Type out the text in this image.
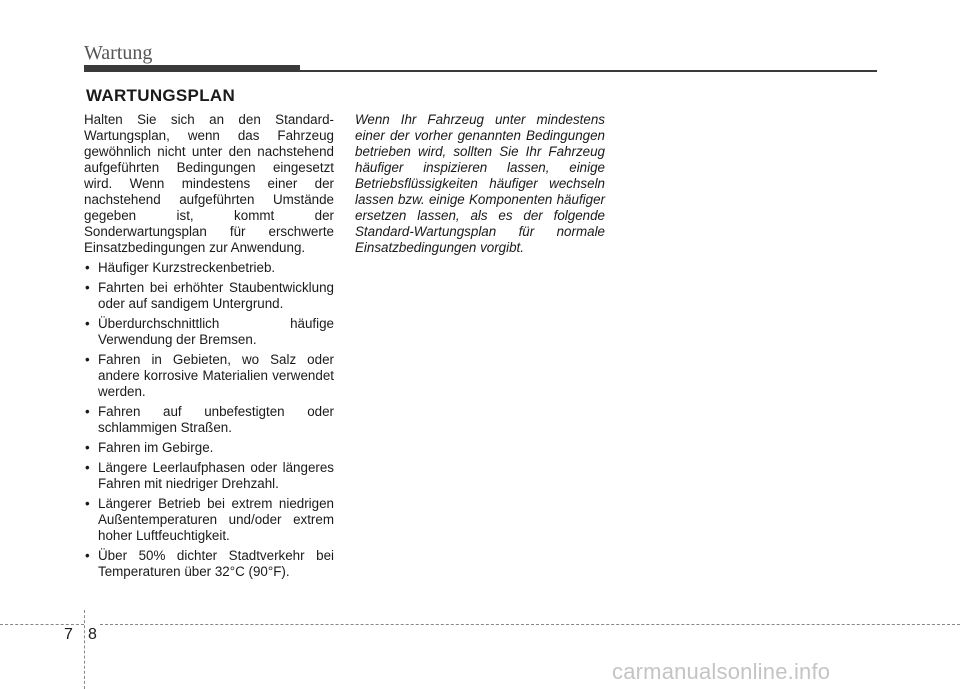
Wartung
WARTUNGSPLAN

Halten Sie sich an den Standard-Wartungsplan, wenn das Fahrzeug gewöhnlich nicht unter den nachstehend aufgeführten Bedingungen eingesetzt wird. Wenn mindestens einer der nachstehend aufgeführten Umstände gegeben ist, kommt der Sonderwartungsplan für erschwerte Einsatzbedingungen zur Anwendung.

• Häufiger Kurzstreckenbetrieb.
• Fahrten bei erhöhter Staubentwicklung oder auf sandigem Untergrund.
• Überdurchschnittlich häufige Verwendung der Bremsen.
• Fahren in Gebieten, wo Salz oder andere korrosive Materialien verwendet werden.
• Fahren auf unbefestigten oder schlammigen Straßen.
• Fahren im Gebirge.
• Längere Leerlaufphasen oder längeres Fahren mit niedriger Drehzahl.
• Längerer Betrieb bei extrem niedrigen Außentemperaturen und/oder extrem hoher Luftfeuchtigkeit.
• Über 50% dichter Stadtverkehr bei Temperaturen über 32°C (90°F).

Wenn Ihr Fahrzeug unter mindestens einer der vorher genannten Bedingungen betrieben wird, sollten Sie Ihr Fahrzeug häufiger inspizieren lassen, einige Betriebsflüssigkeiten häufiger wechseln lassen bzw. einige Komponenten häufiger ersetzen lassen, als es der folgende Standard-Wartungsplan für normale Einsatzbedingungen vorgibt.

7 8
carmanualsonline.info
